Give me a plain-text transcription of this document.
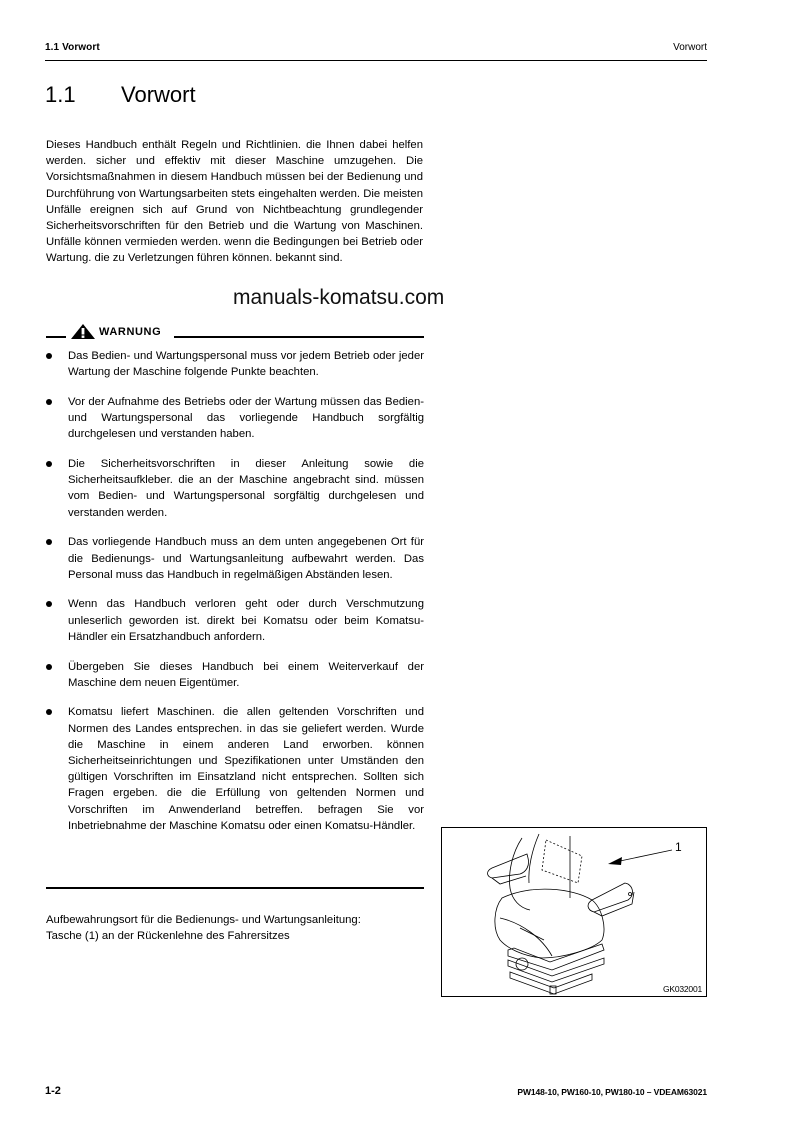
1.1 Vorwort	Vorwort
1.1 Vorwort
Dieses Handbuch enthält Regeln und Richtlinien. die Ihnen dabei helfen werden. sicher und effektiv mit dieser Maschine umzugehen. Die Vorsichtsmaßnahmen in diesem Handbuch müssen bei der Bedienung und Durchführung von Wartungsarbeiten stets eingehalten werden. Die meisten Unfälle ereignen sich auf Grund von Nichtbeachtung grundlegender Sicherheitsvorschriften für den Betrieb und die Wartung von Maschinen. Unfälle können vermieden werden. wenn die Bedingungen bei Betrieb oder Wartung. die zu Verletzungen führen können. bekannt sind.
manuals-komatsu.com
WARNUNG
Das Bedien- und Wartungspersonal muss vor jedem Betrieb oder jeder Wartung der Maschine folgende Punkte beachten.
Vor der Aufnahme des Betriebs oder der Wartung müssen das Bedien- und Wartungspersonal das vorliegende Handbuch sorgfältig durchgelesen und verstanden haben.
Die Sicherheitsvorschriften in dieser Anleitung sowie die Sicherheitsaufkleber. die an der Maschine angebracht sind. müssen vom Bedien- und Wartungspersonal sorgfältig durchgelesen und verstanden werden.
Das vorliegende Handbuch muss an dem unten angegebenen Ort für die Bedienungs- und Wartungsanleitung aufbewahrt werden. Das Personal muss das Handbuch in regelmäßigen Abständen lesen.
Wenn das Handbuch verloren geht oder durch Verschmutzung unleserlich geworden ist. direkt bei Komatsu oder beim Komatsu-Händler ein Ersatzhandbuch anfordern.
Übergeben Sie dieses Handbuch bei einem Weiterverkauf der Maschine dem neuen Eigentümer.
Komatsu liefert Maschinen. die allen geltenden Vorschriften und Normen des Landes entsprechen. in das sie geliefert werden. Wurde die Maschine in einem anderen Land erworben. können Sicherheitseinrichtungen und Spezifikationen unter Umständen den gültigen Vorschriften im Einsatzland nicht entsprechen. Sollten sich Fragen ergeben. die die Erfüllung von geltenden Normen und Vorschriften im Anwenderland betreffen. befragen Sie vor Inbetriebnahme der Maschine Komatsu oder einen Komatsu-Händler.
Aufbewahrungsort für die Bedienungs- und Wartungsanleitung:
Tasche (1) an der Rückenlehne des Fahrersitzes
1
GK032001
1-2	PW148-10, PW160-10, PW180-10 – VDEAM63021
